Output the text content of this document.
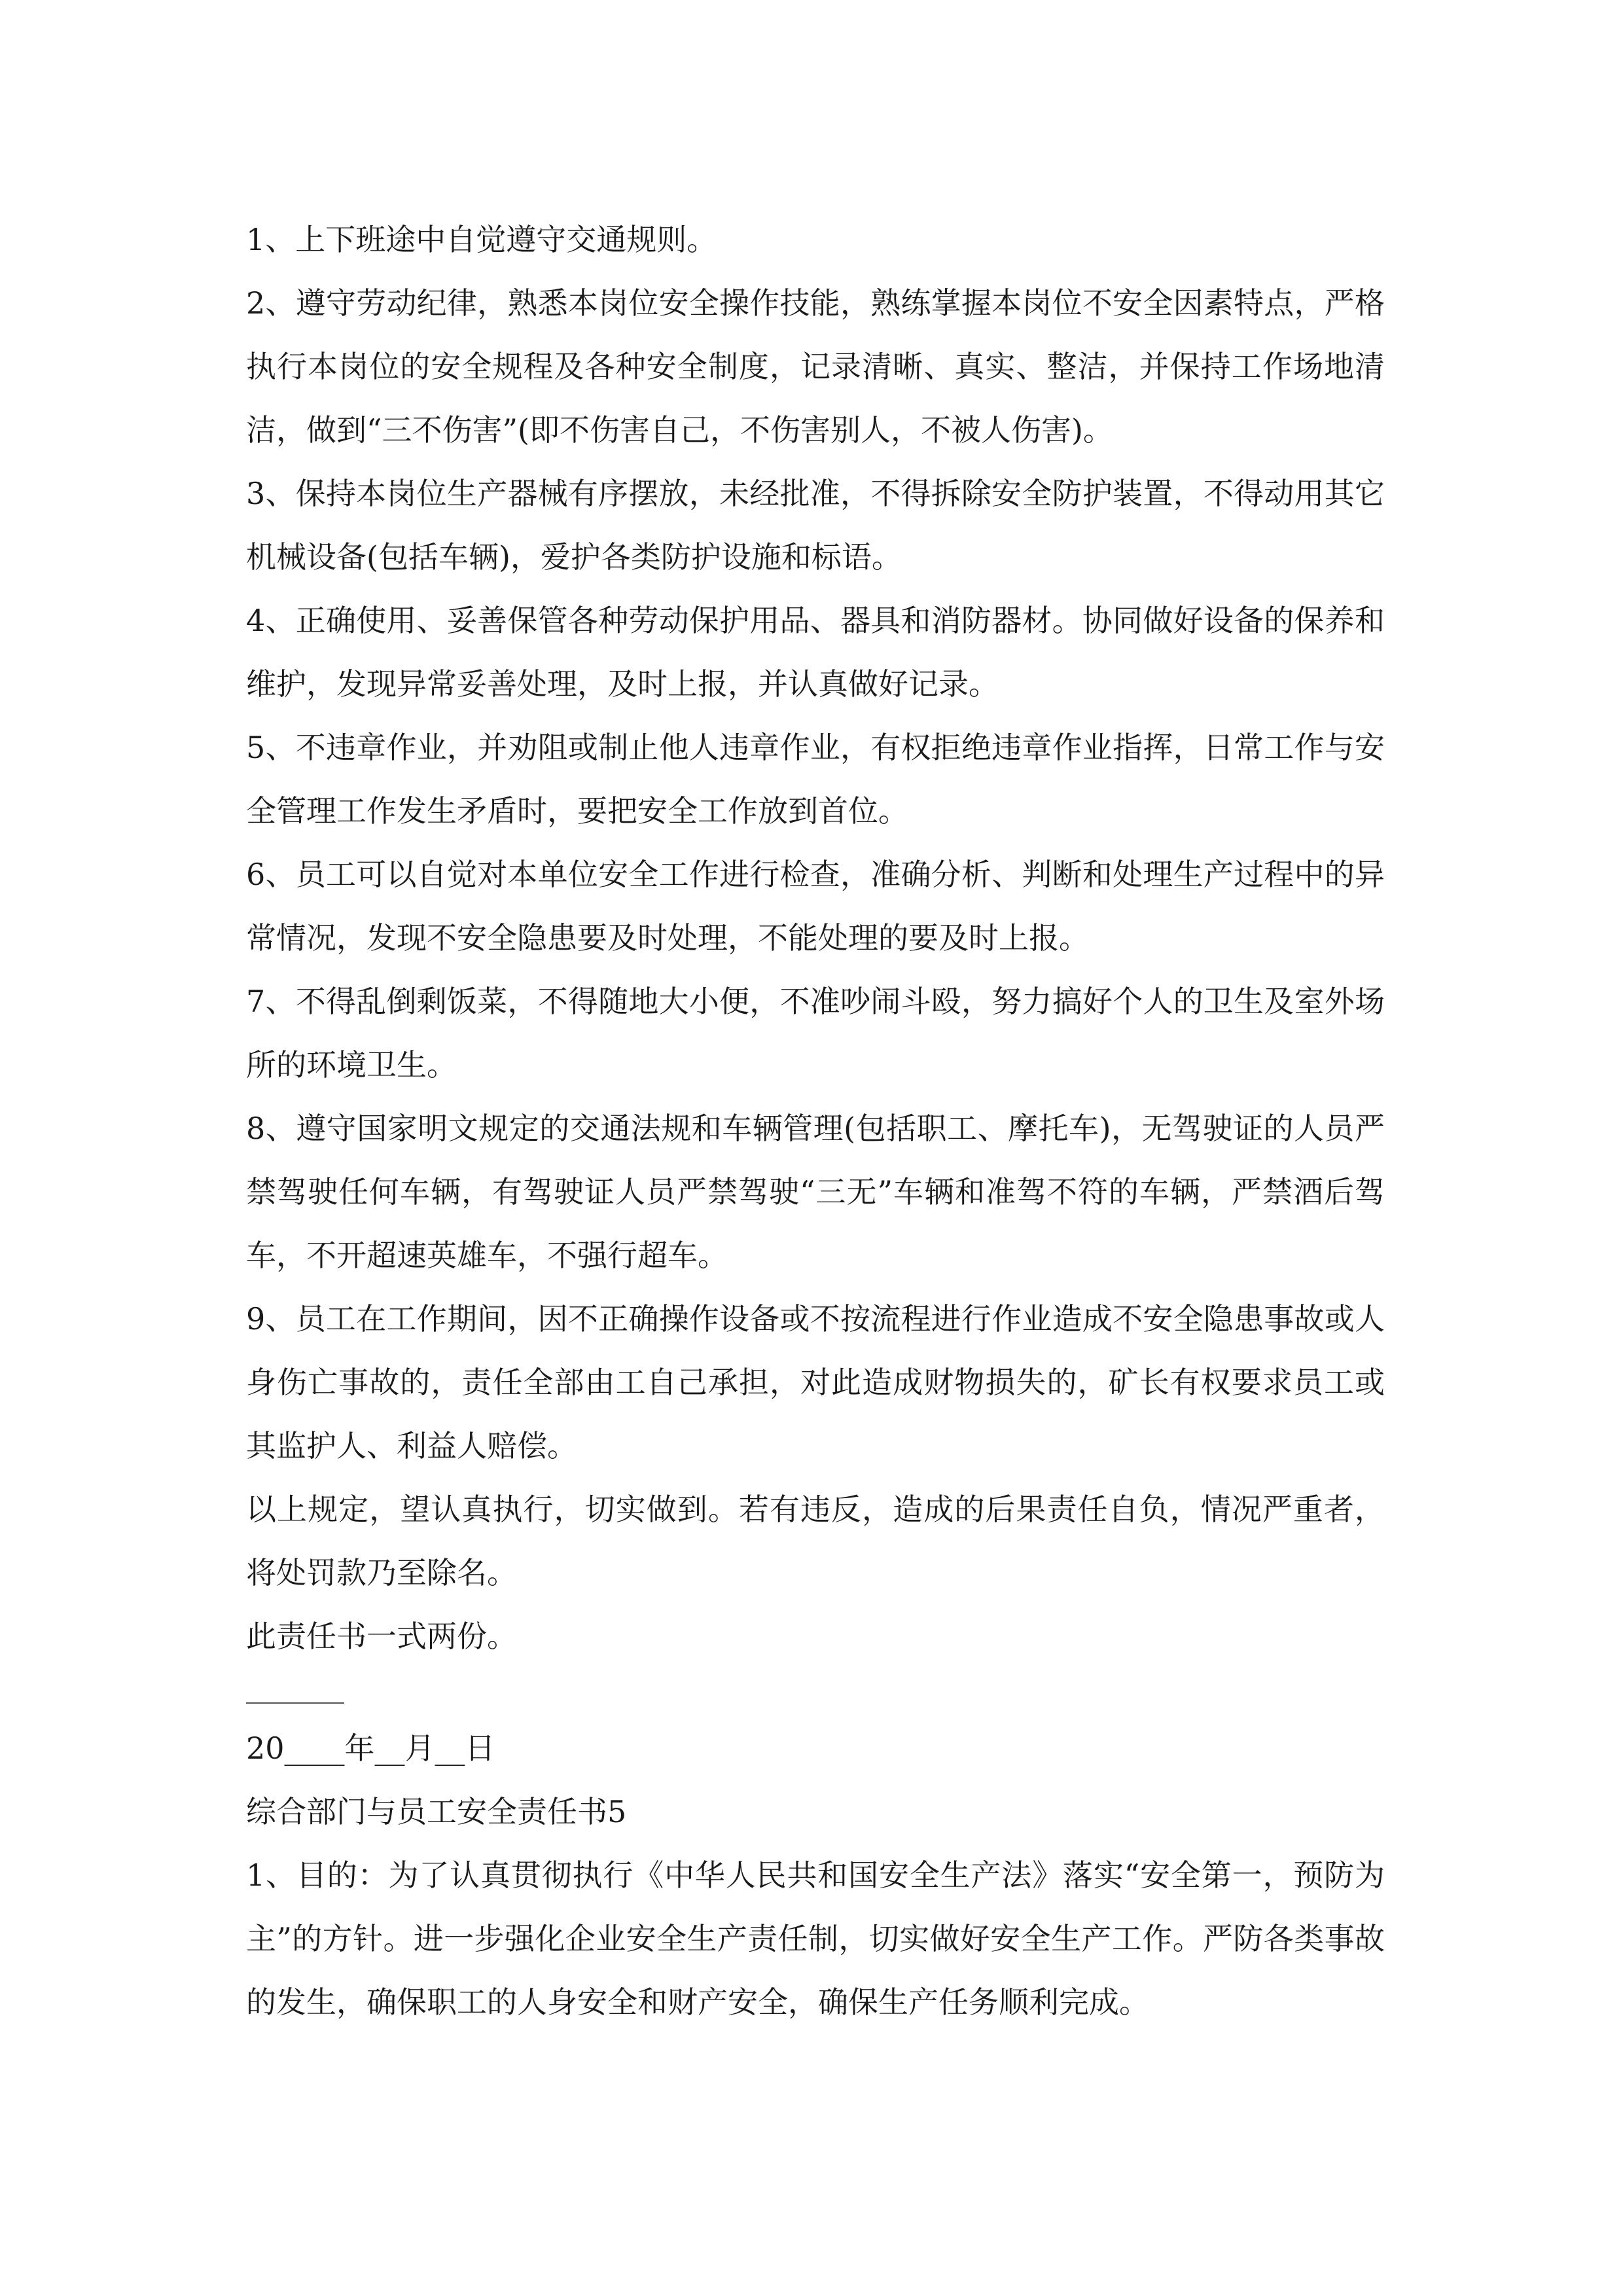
1、上下班途中自觉遵守交通规则。

2、遵守劳动纪律，熟悉本岗位安全操作技能，熟练掌握本岗位不安全因素特点，严格执行本岗位的安全规程及各种安全制度，记录清晰、真实、整洁，并保持工作场地清洁，做到“三不伤害”(即不伤害自己，不伤害别人，不被人伤害)。

3、保持本岗位生产器械有序摆放，未经批准，不得拆除安全防护装置，不得动用其它机械设备(包括车辆)，爱护各类防护设施和标语。

4、正确使用、妥善保管各种劳动保护用品、器具和消防器材。协同做好设备的保养和维护，发现异常妥善处理，及时上报，并认真做好记录。

5、不违章作业，并劝阻或制止他人违章作业，有权拒绝违章作业指挥，日常工作与安全管理工作发生矛盾时，要把安全工作放到首位。

6、员工可以自觉对本单位安全工作进行检查，准确分析、判断和处理生产过程中的异常情况，发现不安全隐患要及时处理，不能处理的要及时上报。

7、不得乱倒剩饭菜，不得随地大小便，不准吵闹斗殴，努力搞好个人的卫生及室外场所的环境卫生。

8、遵守国家明文规定的交通法规和车辆管理(包括职工、摩托车)，无驾驶证的人员严禁驾驶任何车辆，有驾驶证人员严禁驾驶“三无”车辆和准驾不符的车辆，严禁酒后驾车，不开超速英雄车，不强行超车。

9、员工在工作期间，因不正确操作设备或不按流程进行作业造成不安全隐患事故或人身伤亡事故的，责任全部由工自己承担，对此造成财物损失的，矿长有权要求员工或其监护人、利益人赔偿。

以上规定，望认真执行，切实做到。若有违反，造成的后果责任自负，情况严重者，将处罚款乃至除名。

此责任书一式两份。

20____年__月__日

综合部门与员工安全责任书5

1、目的：为了认真贯彻执行《中华人民共和国安全生产法》落实“安全第一，预防为主”的方针。进一步强化企业安全生产责任制，切实做好安全生产工作。严防各类事故的发生，确保职工的人身安全和财产安全，确保生产任务顺利完成。
